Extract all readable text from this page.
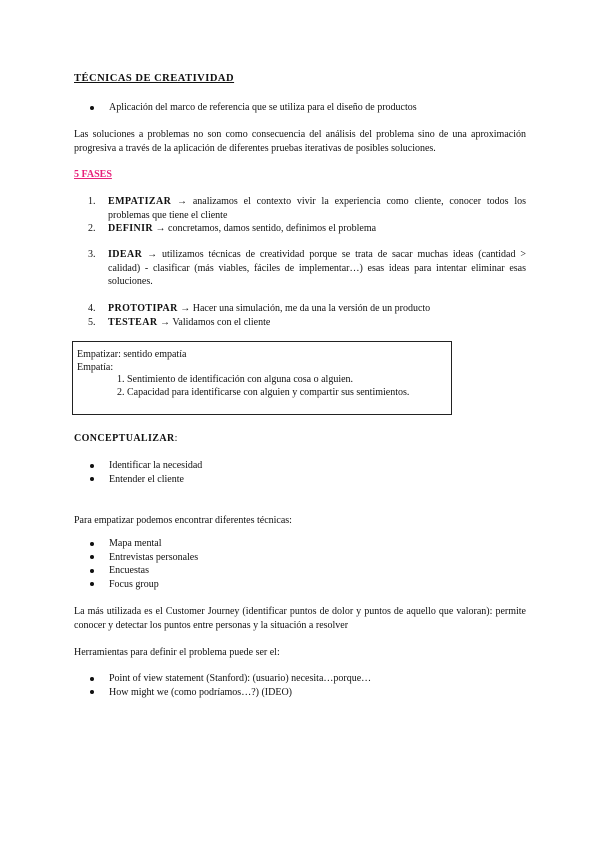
TÉCNICAS DE CREATIVIDAD
Aplicación del marco de referencia que se utiliza para el diseño de productos
Las soluciones a problemas no son como consecuencia del análisis del problema sino de una aproximación progresiva a través de la aplicación de diferentes pruebas iterativas de posibles soluciones.
5 FASES
1.	EMPATIZAR → analizamos el contexto vivir la experiencia como cliente, conocer todos los problemas que tiene el cliente
2.	DEFINIR → concretamos, damos sentido, definimos el problema
3.	IDEAR → utilizamos técnicas de creatividad porque se trata de sacar muchas ideas (cantidad > calidad) - clasificar (más viables, fáciles de implementar…) esas ideas para intentar eliminar esas soluciones.
4.	PROTOTIPAR → Hacer una simulación, me da una la versión de un producto
5.	TESTEAR → Validamos con el cliente
Empatizar: sentido empatía
Empatía:
1. Sentimiento de identificación con alguna cosa o alguien.
2. Capacidad para identificarse con alguien y compartir sus sentimientos.
CONCEPTUALIZAR:
Identificar la necesidad
Entender el cliente
Para empatizar podemos encontrar diferentes técnicas:
Mapa mental
Entrevistas personales
Encuestas
Focus group
La más utilizada es el Customer Journey (identificar puntos de dolor y puntos de aquello que valoran): permite conocer y detectar los puntos entre personas y la situación a resolver
Herramientas para definir el problema puede ser el:
Point of view statement (Stanford): (usuario) necesita…porque…
How might we (como podríamos…?) (IDEO)
